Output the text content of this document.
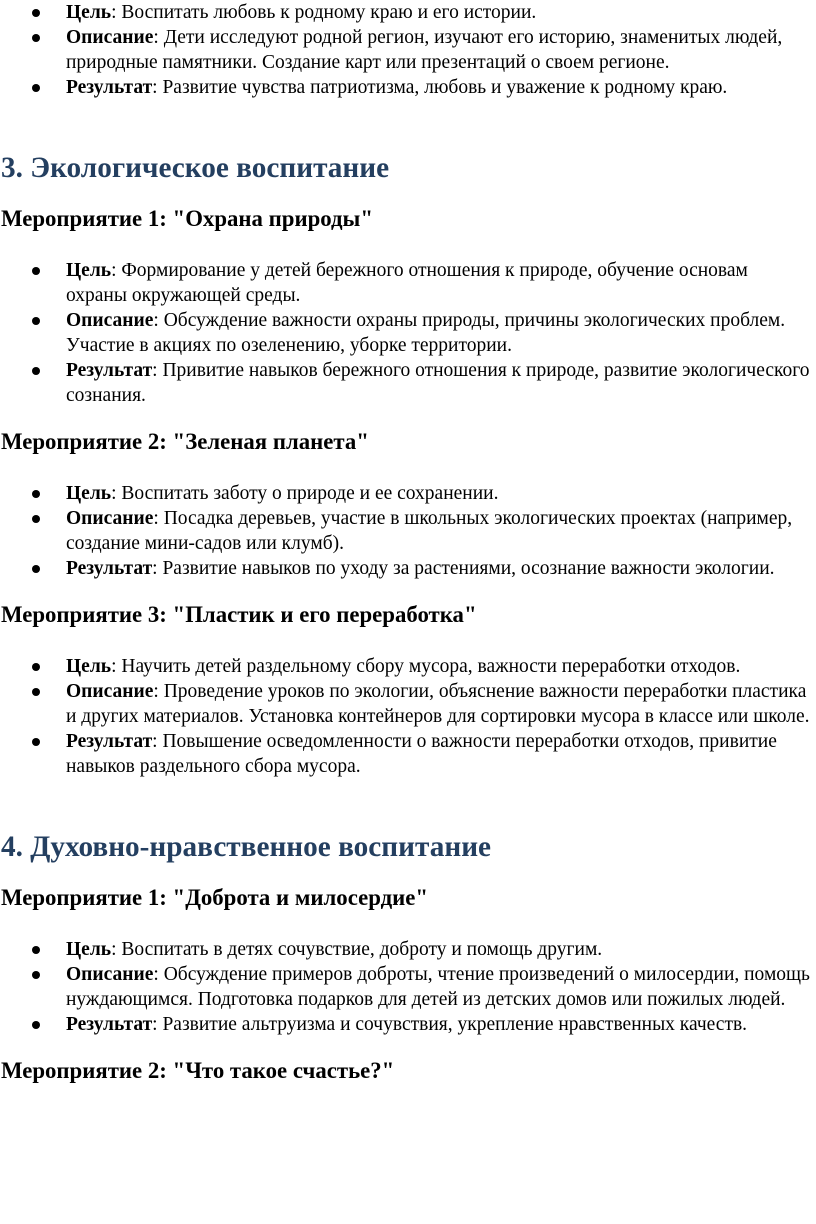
Цель: Воспитать любовь к родному краю и его истории.
Описание: Дети исследуют родной регион, изучают его историю, знаменитых людей, природные памятники. Создание карт или презентаций о своем регионе.
Результат: Развитие чувства патриотизма, любовь и уважение к родному краю.
3. Экологическое воспитание
Мероприятие 1: "Охрана природы"
Цель: Формирование у детей бережного отношения к природе, обучение основам охраны окружающей среды.
Описание: Обсуждение важности охраны природы, причины экологических проблем. Участие в акциях по озеленению, уборке территории.
Результат: Привитие навыков бережного отношения к природе, развитие экологического сознания.
Мероприятие 2: "Зеленая планета"
Цель: Воспитать заботу о природе и ее сохранении.
Описание: Посадка деревьев, участие в школьных экологических проектах (например, создание мини-садов или клумб).
Результат: Развитие навыков по уходу за растениями, осознание важности экологии.
Мероприятие 3: "Пластик и его переработка"
Цель: Научить детей раздельному сбору мусора, важности переработки отходов.
Описание: Проведение уроков по экологии, объяснение важности переработки пластика и других материалов. Установка контейнеров для сортировки мусора в классе или школе.
Результат: Повышение осведомленности о важности переработки отходов, привитие навыков раздельного сбора мусора.
4. Духовно-нравственное воспитание
Мероприятие 1: "Доброта и милосердие"
Цель: Воспитать в детях сочувствие, доброту и помощь другим.
Описание: Обсуждение примеров доброты, чтение произведений о милосердии, помощь нуждающимся. Подготовка подарков для детей из детских домов или пожилых людей.
Результат: Развитие альтруизма и сочувствия, укрепление нравственных качеств.
Мероприятие 2: "Что такое счастье?"
